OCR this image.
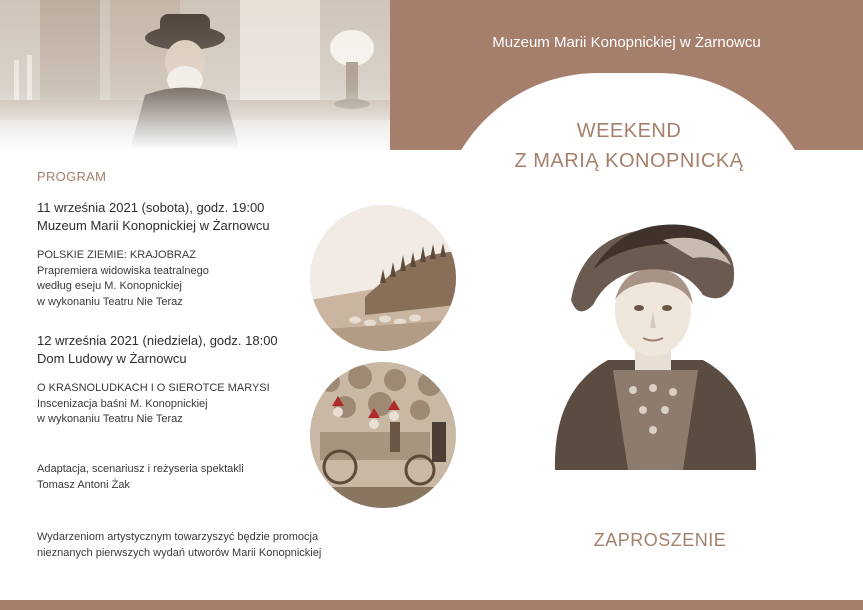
Muzeum Marii Konopnickiej w Żarnowcu
WEEKEND
Z MARIĄ KONOPNICKĄ
PROGRAM
11 września 2021 (sobota), godz. 19:00
Muzeum Marii Konopnickiej w Żarnowcu
POLSKIE ZIEMIE: KRAJOBRAZ
Prapremiera widowiska teatralnego
według eseju M. Konopnickiej
w wykonaniu Teatru Nie Teraz
12 września 2021 (niedziela), godz. 18:00
Dom Ludowy w Żarnowcu
O KRASNOLUDKACH I O SIEROTCE MARYSI
Inscenizacja baśni M. Konopnickiej
w wykonaniu Teatru Nie Teraz
Adaptacja, scenariusz i reżyseria spektakli
Tomasz Antoni Żak
Wydarzeniom artystycznym towarzyszyć będzie promocja
nieznanych pierwszych wydań utworów Marii Konopnickiej
ZAPROSZENIE
